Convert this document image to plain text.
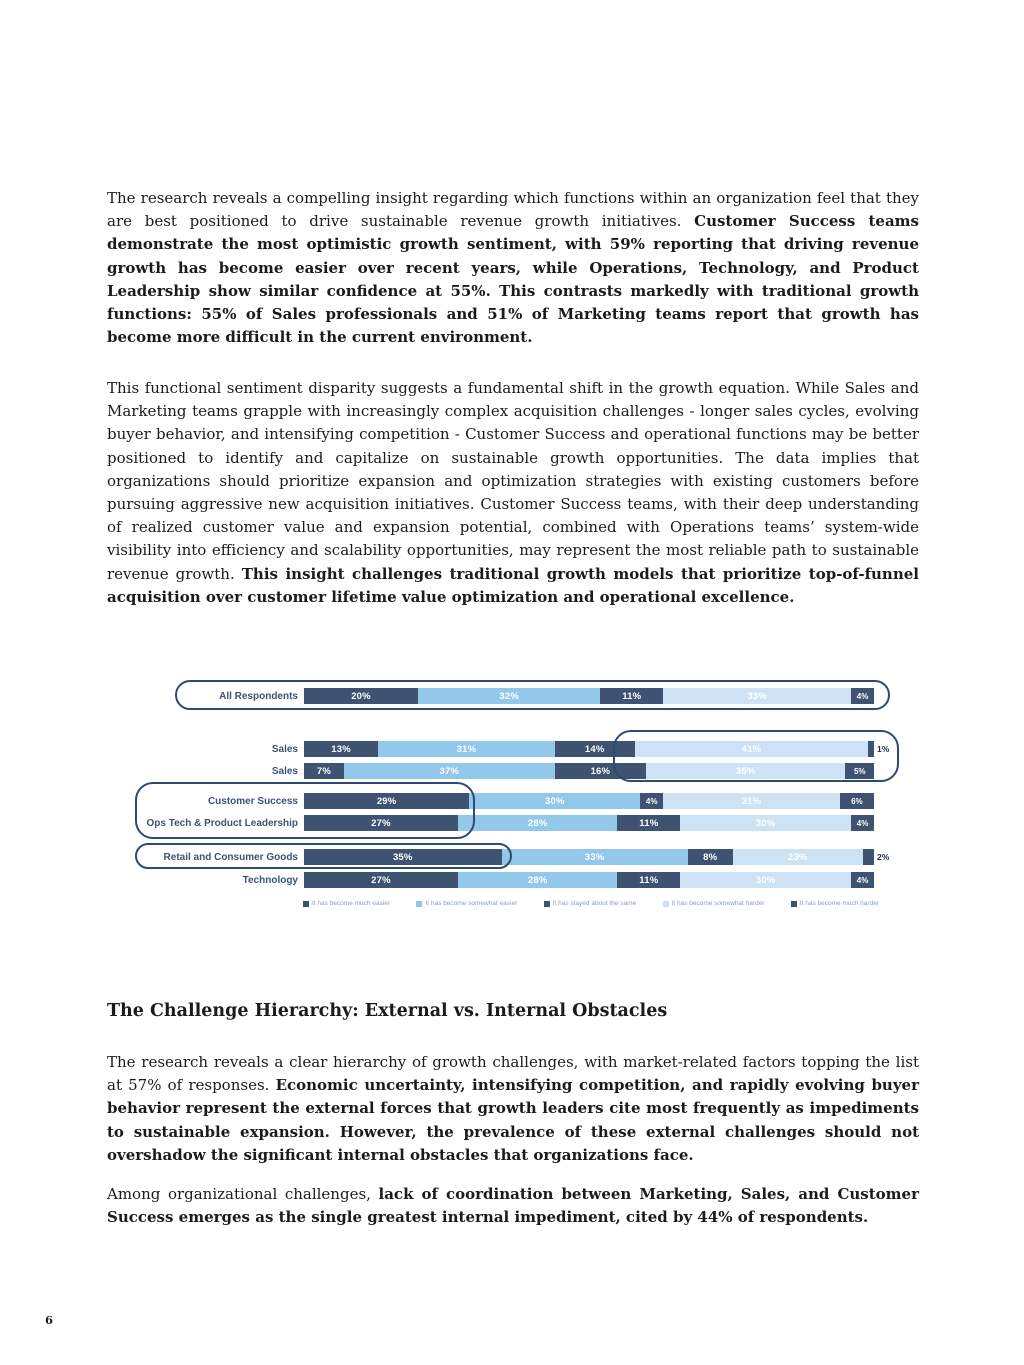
The research reveals a compelling insight regarding which functions within an organization feel that they are best positioned to drive sustainable revenue growth initiatives. Customer Success teams demonstrate the most optimistic growth sentiment, with 59% reporting that driving revenue growth has become easier over recent years, while Operations, Technology, and Product Leadership show similar confidence at 55%. This contrasts markedly with traditional growth functions: 55% of Sales professionals and 51% of Marketing teams report that growth has become more difficult in the current environment.

This functional sentiment disparity suggests a fundamental shift in the growth equation. While Sales and Marketing teams grapple with increasingly complex acquisition challenges - longer sales cycles, evolving buyer behavior, and intensifying competition - Customer Success and operational functions may be better positioned to identify and capitalize on sustainable growth opportunities. The data implies that organizations should prioritize expansion and optimization strategies with existing customers before pursuing aggressive new acquisition initiatives. Customer Success teams, with their deep understanding of realized customer value and expansion potential, combined with Operations teams’ system-wide visibility into efficiency and scalability opportunities, may represent the most reliable path to sustainable revenue growth. This insight challenges traditional growth models that prioritize top-of-funnel acquisition over customer lifetime value optimization and operational excellence.

All Respondents	20%	32%	11%	33%	4%
Sales	13%	31%	14%	41%	1%
Sales	7%	37%	16%	35%	5%
Customer Success	29%	30%	4%	31%	6%
Ops Tech & Product Leadership	27%	28%	11%	30%	4%
Retail and Consumer Goods	35%	33%	8%	23%	2%
Technology	27%	28%	11%	30%	4%
It has become much easier	It has become somewhat easier	It has stayed about the same	It has become somewhat harder	It has become much harder
The Challenge Hierarchy: External vs. Internal Obstacles

The research reveals a clear hierarchy of growth challenges, with market-related factors topping the list at 57% of responses. Economic uncertainty, intensifying competition, and rapidly evolving buyer behavior represent the external forces that growth leaders cite most frequently as impediments to sustainable expansion. However, the prevalence of these external challenges should not overshadow the significant internal obstacles that organizations face.

Among organizational challenges, lack of coordination between Marketing, Sales, and Customer Success emerges as the single greatest internal impediment, cited by 44% of respondents.

6
